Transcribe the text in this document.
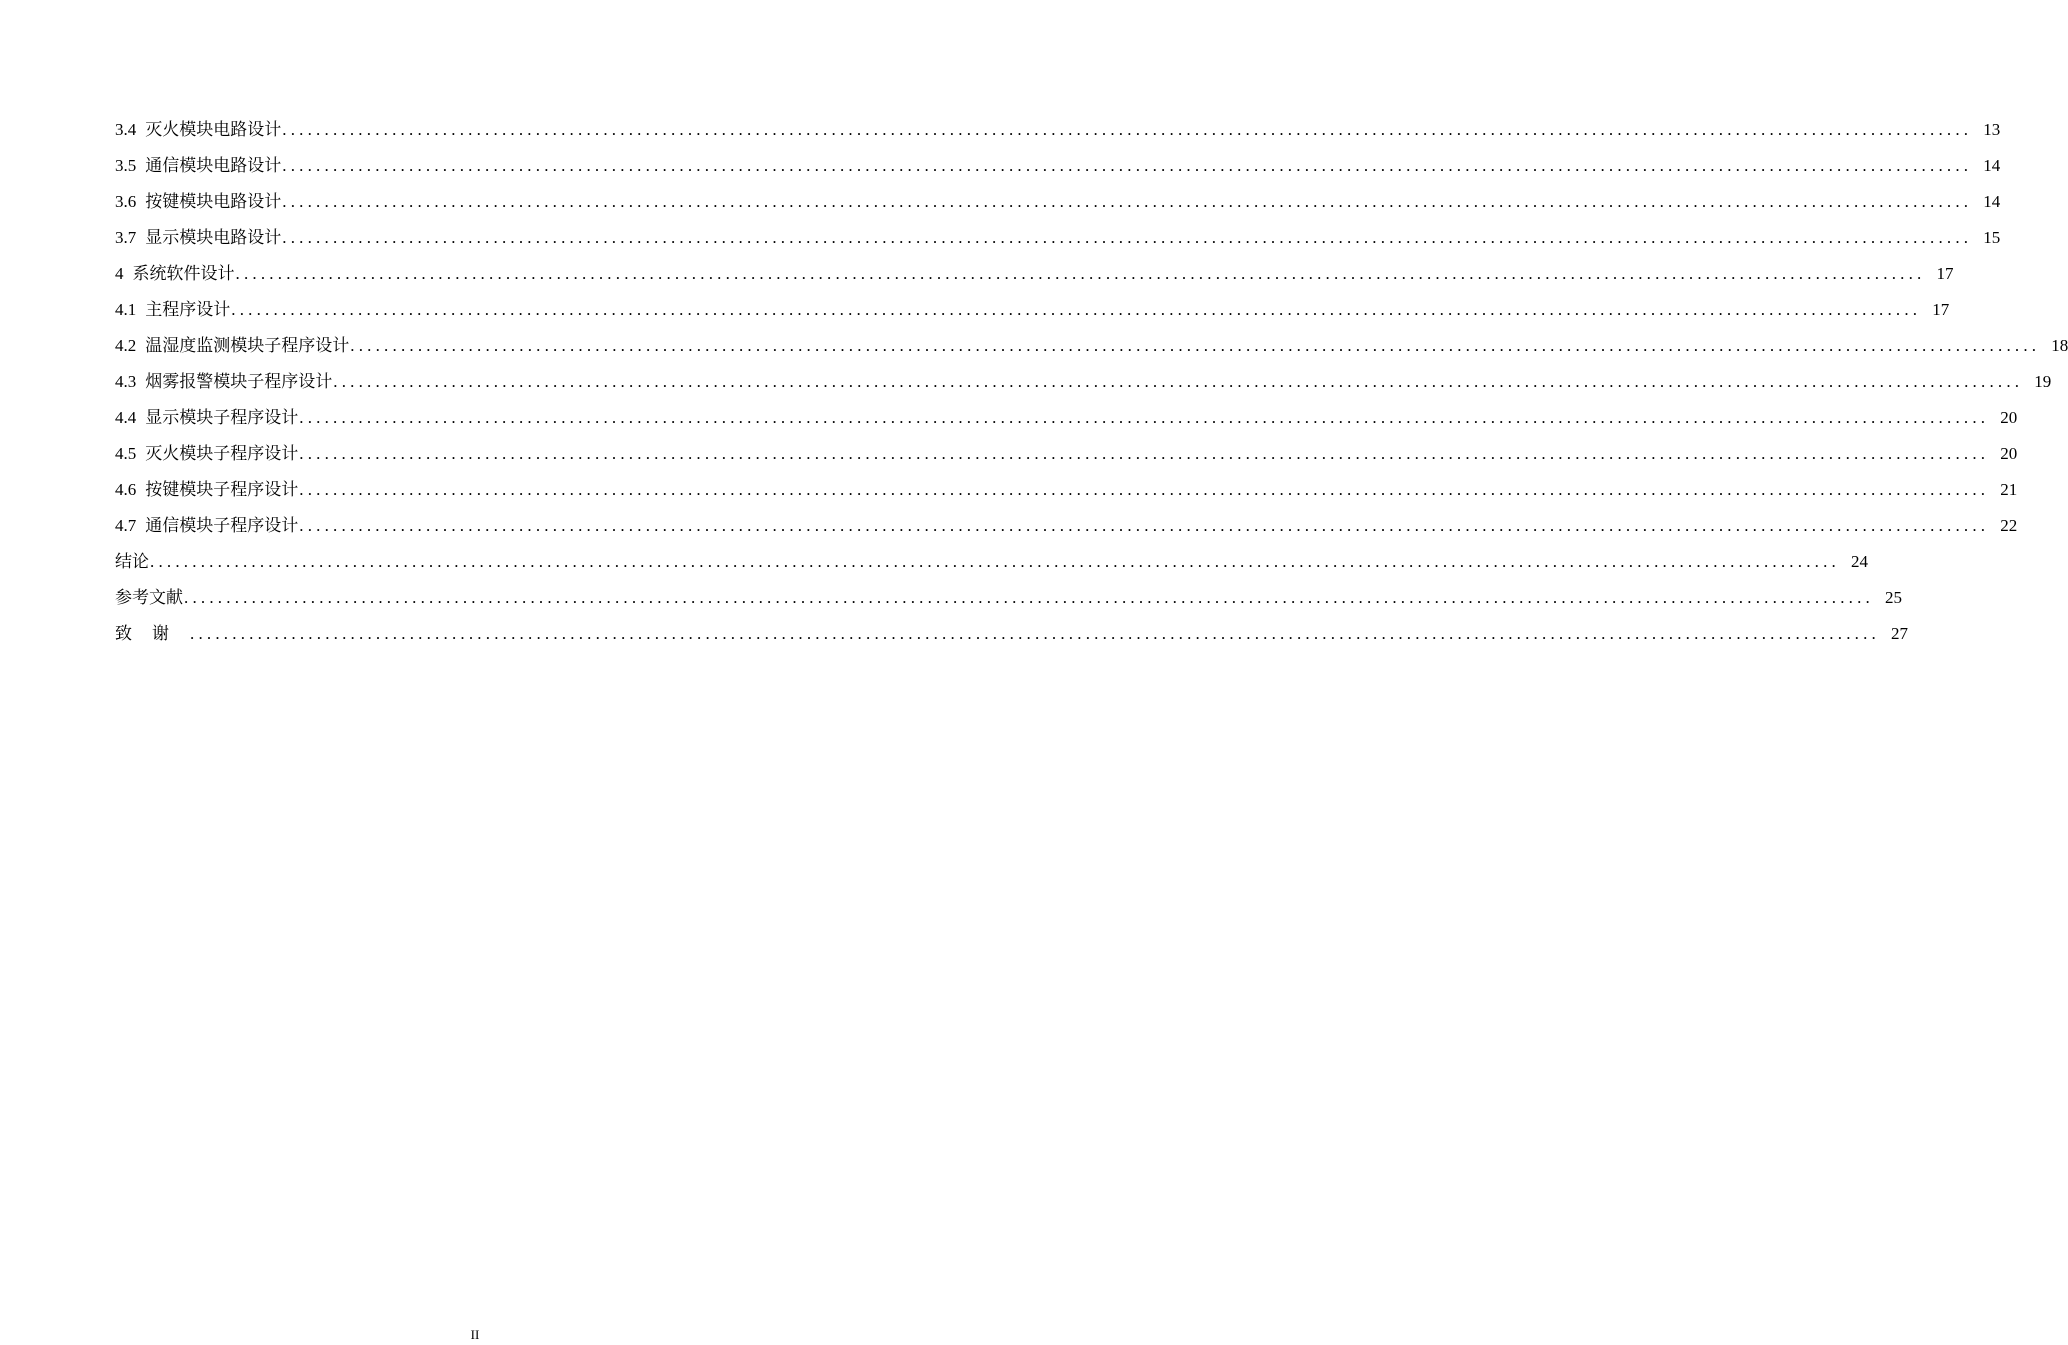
3.4 灭火模块电路设计 ........................................................................................................................................................................................................ 13
3.5 通信模块电路设计 ........................................................................................................................................................................................................ 14
3.6 按键模块电路设计 ........................................................................................................................................................................................................ 14
3.7 显示模块电路设计 ........................................................................................................................................................................................................ 15
4 系统软件设计 ........................................................................................................................................................................................................ 17
4.1 主程序设计 ........................................................................................................................................................................................................ 17
4.2 温湿度监测模块子程序设计 ........................................................................................................................................................................................................ 18
4.3 烟雾报警模块子程序设计 ........................................................................................................................................................................................................ 19
4.4 显示模块子程序设计 ........................................................................................................................................................................................................ 20
4.5 灭火模块子程序设计 ........................................................................................................................................................................................................ 20
4.6 按键模块子程序设计 ........................................................................................................................................................................................................ 21
4.7 通信模块子程序设计 ........................................................................................................................................................................................................ 22
结论 ........................................................................................................................................................................................................ 24
参考文献 ........................................................................................................................................................................................................ 25
致谢 ........................................................................................................................................................................................................ 27
II
